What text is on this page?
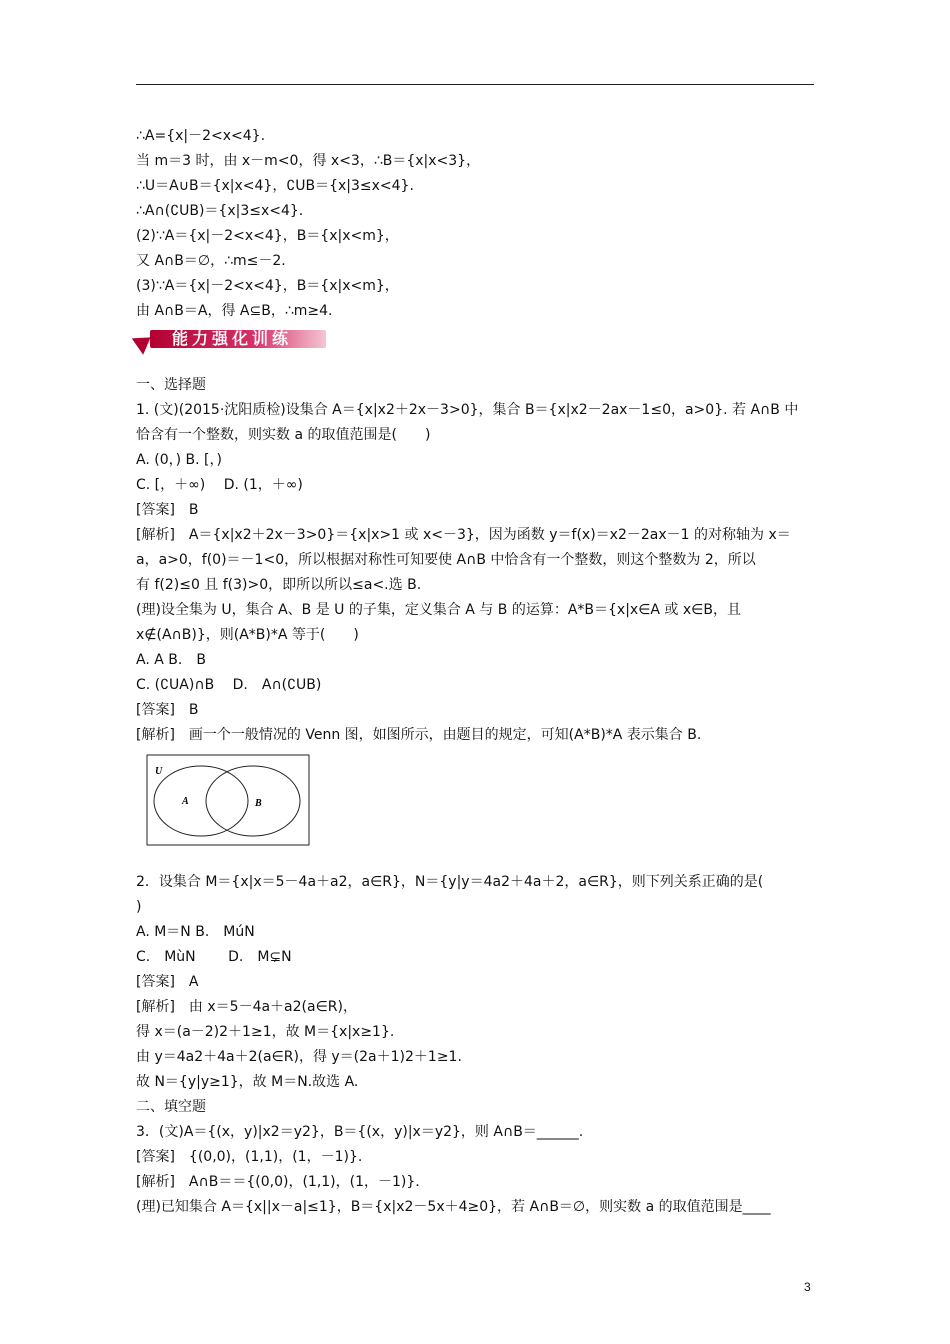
∴A={x|－2<x<4}.
当 m＝3 时，由 x－m<0，得 x<3，∴B＝{x|x<3}，
∴U＝A∪B＝{x|x<4}，∁UB＝{x|3≤x<4}.
∴A∩(∁UB)＝{x|3≤x<4}.
(2)∵A＝{x|－2<x<4}，B＝{x|x<m}，
又 A∩B＝∅，∴m≤－2.
(3)∵A＝{x|－2<x<4}，B＝{x|x<m}，
由 A∩B＝A，得 A⊆B，∴m≥4.
能力强化训练
一、选择题
1. (文)(2015·沈阳质检)设集合 A＝{x|x2＋2x－3>0}，集合 B＝{x|x2－2ax－1≤0，a>0}. 若 A∩B 中
恰含有一个整数，则实数 a 的取值范围是(　　)
A. (0，) B. [，)
C. [，＋∞)　 D. (1，＋∞)
[答案]　B
[解析]　A＝{x|x2＋2x－3>0}＝{x|x>1 或 x<－3}，因为函数 y＝f(x)＝x2－2ax－1 的对称轴为 x＝
a，a>0，f(0)＝－1<0，所以根据对称性可知要使 A∩B 中恰含有一个整数，则这个整数为 2，所以
有 f(2)≤0 且 f(3)>0，即所以所以≤a<.选 B.
(理)设全集为 U，集合 A、B 是 U 的子集，定义集合 A 与 B 的运算：A*B＝{x|x∈A 或 x∈B，且
x∉(A∩B)}，则(A*B)*A 等于(　　)
A. A B.　B
C. (∁UA)∩B　 D.　A∩(∁UB)
[答案]　B
[解析]　画一个一般情况的 Venn 图，如图所示，由题目的规定，可知(A*B)*A 表示集合 B.
U
A	B
2．设集合 M＝{x|x＝5－4a＋a2，a∈R}，N＝{y|y＝4a2＋4a＋2，a∈R}，则下列关系正确的是(
)
A. M＝N B.　MúN
C.　MùN　　 D.　M⊊N
[答案]　A
[解析]　由 x＝5－4a＋a2(a∈R)，
得 x＝(a－2)2＋1≥1，故 M＝{x|x≥1}.
由 y＝4a2＋4a＋2(a∈R)，得 y＝(2a＋1)2＋1≥1.
故 N＝{y|y≥1}，故 M＝N.故选 A.
二、填空题
3．(文)A＝{(x，y)|x2＝y2}，B＝{(x，y)|x＝y2}，则 A∩B＝______.
[答案]　{(0,0)，(1,1)，(1，－1)}.
[解析]　A∩B＝＝{(0,0)，(1,1)，(1，－1)}.
(理)已知集合 A＝{x||x－a|≤1}，B＝{x|x2－5x＋4≥0}，若 A∩B＝∅，则实数 a 的取值范围是____
3
